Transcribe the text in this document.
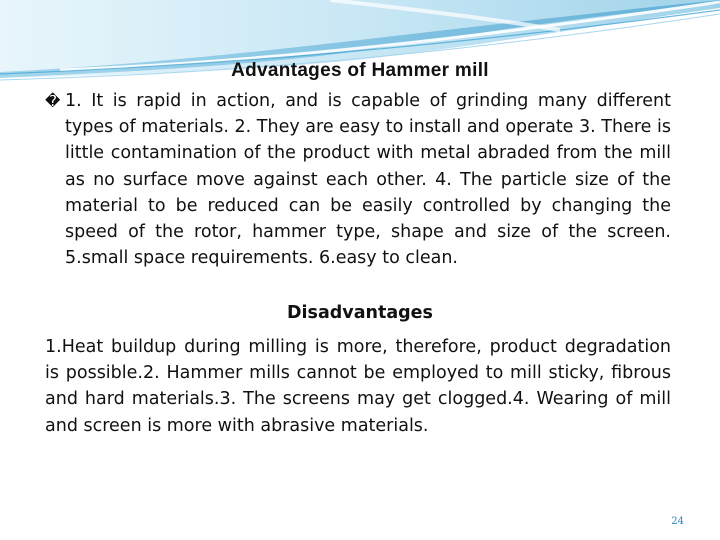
Advantages of Hammer mill

� 1. It is rapid in action, and is capable of grinding many different types of materials. 2. They are easy to install and operate 3. There is little contamination of the product with metal abraded from the mill as no surface move against each other. 4. The particle size of the material to be reduced can be easily controlled by changing the speed of the rotor, hammer type, shape and size of the screen. 5.small space requirements. 6.easy to clean.

Disadvantages

1.Heat buildup during milling is more, therefore, product degradation is possible.2. Hammer mills cannot be employed to mill sticky, fibrous and hard materials.3. The screens may get clogged.4. Wearing of mill and screen is more with abrasive materials.

24
